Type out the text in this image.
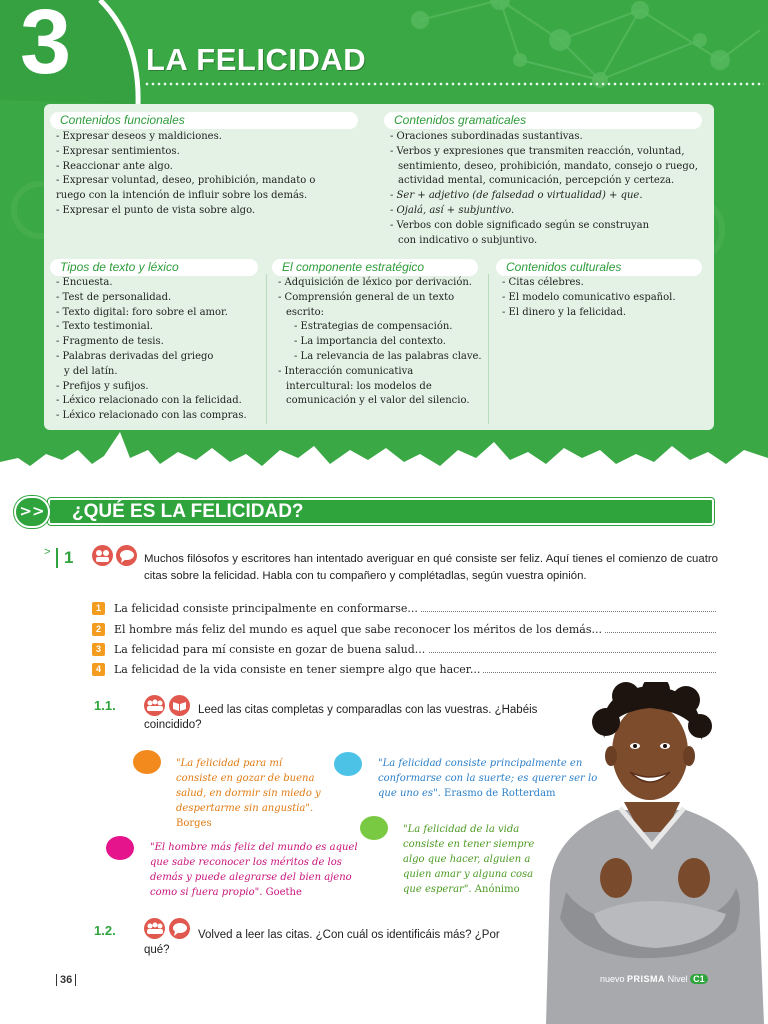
3 LA FELICIDAD
Contenidos funcionales
- Expresar deseos y maldiciones.
- Expresar sentimientos.
- Reaccionar ante algo.
- Expresar voluntad, deseo, prohibición, mandato o
ruego con la intención de influir sobre los demás.
- Expresar el punto de vista sobre algo.
Contenidos gramaticales
- Oraciones subordinadas sustantivas.
- Verbos y expresiones que transmiten reacción, voluntad,
sentimiento, deseo, prohibición, mandato, consejo o ruego,
actividad mental, comunicación, percepción y certeza.
- Ser + adjetivo (de falsedad o virtualidad) + que.
- Ojalá, así + subjuntivo.
- Verbos con doble significado según se construyan
con indicativo o subjuntivo.
Tipos de texto y léxico
- Encuesta.
- Test de personalidad.
- Texto digital: foro sobre el amor.
- Texto testimonial.
- Fragmento de tesis.
- Palabras derivadas del griego
y del latín.
- Prefijos y sufijos.
- Léxico relacionado con la felicidad.
- Léxico relacionado con las compras.
El componente estratégico
- Adquisición de léxico por derivación.
- Comprensión general de un texto
escrito:
- Estrategias de compensación.
- La importancia del contexto.
- La relevancia de las palabras clave.
- Interacción comunicativa
intercultural: los modelos de
comunicación y el valor del silencio.
Contenidos culturales
- Citas célebres.
- El modelo comunicativo español.
- El dinero y la felicidad.
>> ¿QUÉ ES LA FELICIDAD?
> 1	Muchos filósofos y escritores han intentado averiguar en qué consiste ser feliz. Aquí tienes el comienzo de cuatro citas sobre la felicidad. Habla con tu compañero y complétadlas, según vuestra opinión.
1	La felicidad consiste principalmente en conformarse...
2	El hombre más feliz del mundo es aquel que sabe reconocer los méritos de los demás...
3	La felicidad para mí consiste en gozar de buena salud...
4	La felicidad de la vida consiste en tener siempre algo que hacer...
1.1.	Leed las citas completas y comparadlas con las vuestras. ¿Habéis coincidido?
"La felicidad para mí consiste en gozar de buena salud, en dormir sin miedo y despertarme sin angustia". Borges
"La felicidad consiste principalmente en conformarse con la suerte; es querer ser lo que uno es". Erasmo de Rotterdam
"El hombre más feliz del mundo es aquel que sabe reconocer los méritos de los demás y puede alegrarse del bien ajeno como si fuera propio". Goethe
"La felicidad de la vida consiste en tener siempre algo que hacer, alguien a quien amar y alguna cosa que esperar". Anónimo
1.2.	Volved a leer las citas. ¿Con cuál os identificáis más? ¿Por qué?
36	nuevo PRISMA Nivel C1
